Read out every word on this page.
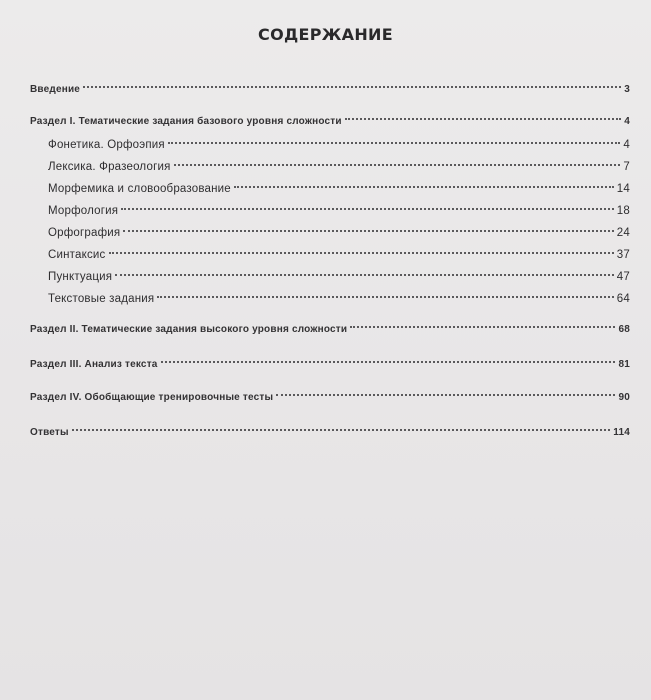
СОДЕРЖАНИЕ
Введение	3
Раздел I. Тематические задания базового уровня сложности	4
Фонетика. Орфоэпия	4
Лексика. Фразеология	7
Морфемика и словообразование	14
Морфология	18
Орфография	24
Синтаксис	37
Пунктуация	47
Текстовые задания	64
Раздел II. Тематические задания высокого уровня сложности	68
Раздел III. Анализ текста	81
Раздел IV. Обобщающие тренировочные тесты	90
Ответы	114
